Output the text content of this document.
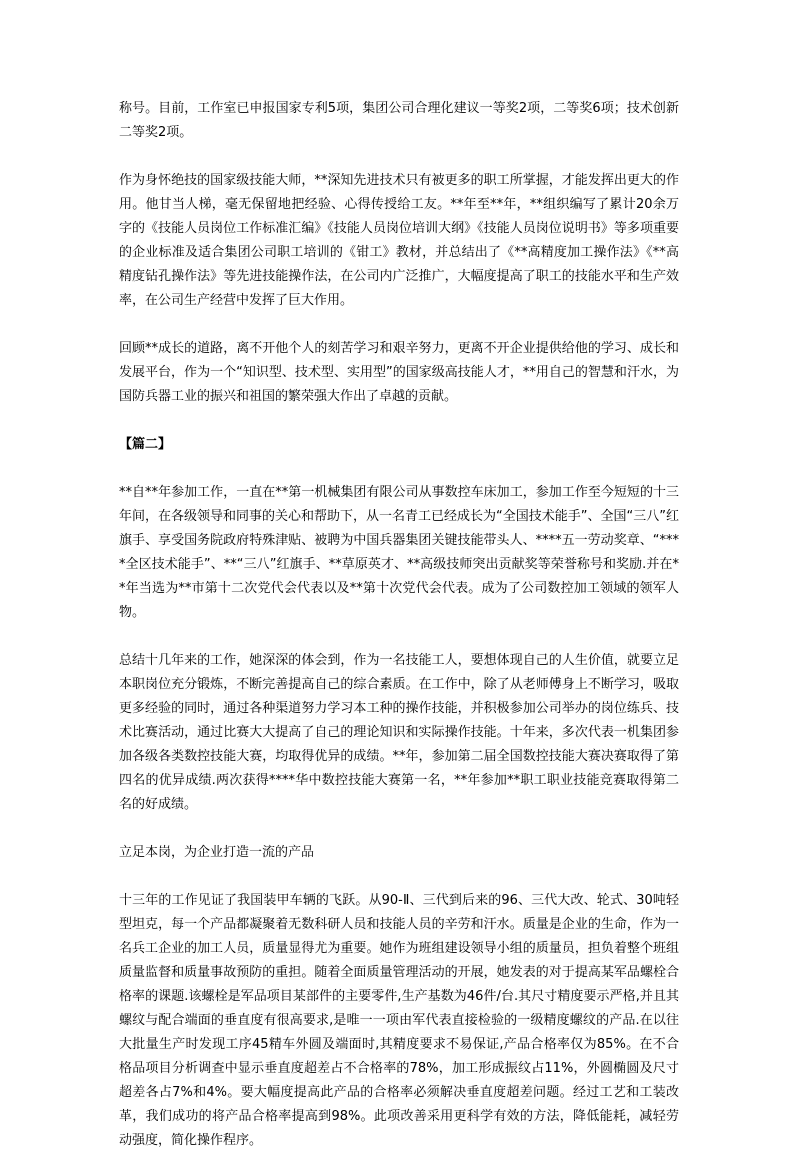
称号。目前，工作室已申报国家专利5项，集团公司合理化建议一等奖2项，二等奖6项；技术创新二等奖2项。

作为身怀绝技的国家级技能大师，**深知先进技术只有被更多的职工所掌握，才能发挥出更大的作用。他甘当人梯，毫无保留地把经验、心得传授给工友。**年至**年，**组织编写了累计20余万字的《技能人员岗位工作标准汇编》《技能人员岗位培训大纲》《技能人员岗位说明书》等多项重要的企业标准及适合集团公司职工培训的《钳工》教材，并总结出了《**高精度加工操作法》《**高精度钻孔操作法》等先进技能操作法，在公司内广泛推广，大幅度提高了职工的技能水平和生产效率，在公司生产经营中发挥了巨大作用。

回顾**成长的道路，离不开他个人的刻苦学习和艰辛努力，更离不开企业提供给他的学习、成长和发展平台，作为一个“知识型、技术型、实用型”的国家级高技能人才，**用自己的智慧和汗水，为国防兵器工业的振兴和祖国的繁荣强大作出了卓越的贡献。

【篇二】

**自**年参加工作，一直在**第一机械集团有限公司从事数控车床加工，参加工作至今短短的十三年间，在各级领导和同事的关心和帮助下，从一名青工已经成长为“全国技术能手”、全国“三八”红旗手、享受国务院政府特殊津贴、被聘为中国兵器集团关键技能带头人、****五一劳动奖章、“****全区技术能手”、**“三八”红旗手、**草原英才、**高级技师突出贡献奖等荣誉称号和奖励.并在**年当选为**市第十二次党代会代表以及**第十次党代会代表。成为了公司数控加工领域的领军人物。

总结十几年来的工作，她深深的体会到，作为一名技能工人，要想体现自己的人生价值，就要立足本职岗位充分锻炼，不断完善提高自己的综合素质。在工作中，除了从老师傅身上不断学习，吸取更多经验的同时，通过各种渠道努力学习本工种的操作技能，并积极参加公司举办的岗位练兵、技术比赛活动，通过比赛大大提高了自己的理论知识和实际操作技能。十年来，多次代表一机集团参加各级各类数控技能大赛，均取得优异的成绩。**年，参加第二届全国数控技能大赛决赛取得了第四名的优异成绩.两次获得****华中数控技能大赛第一名，**年参加**职工职业技能竞赛取得第二名的好成绩。

立足本岗，为企业打造一流的产品

十三年的工作见证了我国装甲车辆的飞跃。从90-Ⅱ、三代到后来的96、三代大改、轮式、30吨轻型坦克，每一个产品都凝聚着无数科研人员和技能人员的辛劳和汗水。质量是企业的生命，作为一名兵工企业的加工人员，质量显得尤为重要。她作为班组建设领导小组的质量员，担负着整个班组质量监督和质量事故预防的重担。随着全面质量管理活动的开展，她发表的对于提高某军品螺栓合格率的课题.该螺栓是军品项目某部件的主要零件,生产基数为46件/台.其尺寸精度要示严格,并且其螺纹与配合端面的垂直度有很高要求,是唯一一项由军代表直接检验的一级精度螺纹的产品.在以往大批量生产时发现工序45精车外圆及端面时,其精度要求不易保证,产品合格率仅为85%。在不合格品项目分析调查中显示垂直度超差占不合格率的78%，加工形成振纹占11%，外圆椭圆及尺寸超差各占7%和4%。要大幅度提高此产品的合格率必须解决垂直度超差问题。经过工艺和工装改革，我们成功的将产品合格率提高到98%。此项改善采用更科学有效的方法，降低能耗，减轻劳动强度，简化操作程序。
